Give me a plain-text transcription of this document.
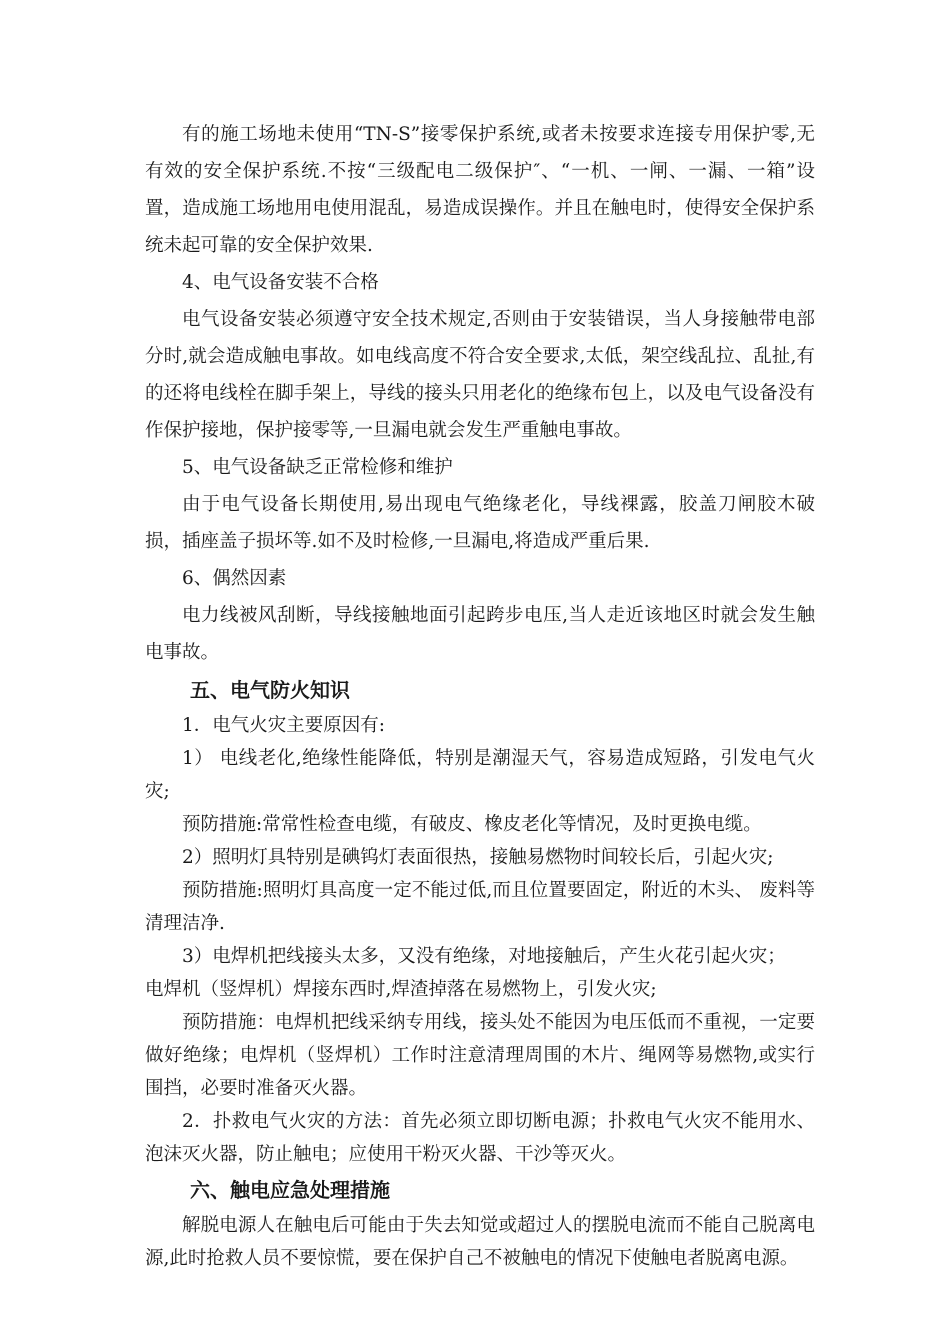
有的施工场地未使用“TN-S”接零保护系统,或者未按要求连接专用保护零,无有效的安全保护系统.不按“三级配电二级保护″、“一机、一闸、一漏、一箱”设置，造成施工场地用电使用混乱，易造成误操作。并且在触电时，使得安全保护系统未起可靠的安全保护效果.

4、电气设备安装不合格

电气设备安装必须遵守安全技术规定,否则由于安装错误，当人身接触带电部分时,就会造成触电事故。如电线高度不符合安全要求,太低，架空线乱拉、乱扯,有的还将电线栓在脚手架上，导线的接头只用老化的绝缘布包上，以及电气设备没有作保护接地，保护接零等,一旦漏电就会发生严重触电事故。

5、电气设备缺乏正常检修和维护

由于电气设备长期使用,易出现电气绝缘老化，导线裸露，胶盖刀闸胶木破损，插座盖子损坏等.如不及时检修,一旦漏电,将造成严重后果.

6、偶然因素

电力线被风刮断，导线接触地面引起跨步电压,当人走近该地区时就会发生触电事故。

五、电气防火知识

1．电气火灾主要原因有:

1） 电线老化,绝缘性能降低，特别是潮湿天气，容易造成短路，引发电气火灾;

预防措施:常常性检查电缆，有破皮、橡皮老化等情况，及时更换电缆。

2）照明灯具特别是碘钨灯表面很热，接触易燃物时间较长后，引起火灾;

预防措施:照明灯具高度一定不能过低,而且位置要固定，附近的木头、 废料等清理洁净.

3）电焊机把线接头太多，又没有绝缘，对地接触后，产生火花引起火灾；

电焊机（竖焊机）焊接东西时,焊渣掉落在易燃物上，引发火灾;

预防措施：电焊机把线采纳专用线，接头处不能因为电压低而不重视，一定要做好绝缘；电焊机（竖焊机）工作时注意清理周围的木片、绳网等易燃物,或实行围挡，必要时准备灭火器。

2．扑救电气火灾的方法：首先必须立即切断电源；扑救电气火灾不能用水、泡沫灭火器，防止触电；应使用干粉灭火器、干沙等灭火。

六、触电应急处理措施

解脱电源人在触电后可能由于失去知觉或超过人的摆脱电流而不能自己脱离电源,此时抢救人员不要惊慌，要在保护自己不被触电的情况下使触电者脱离电源。
